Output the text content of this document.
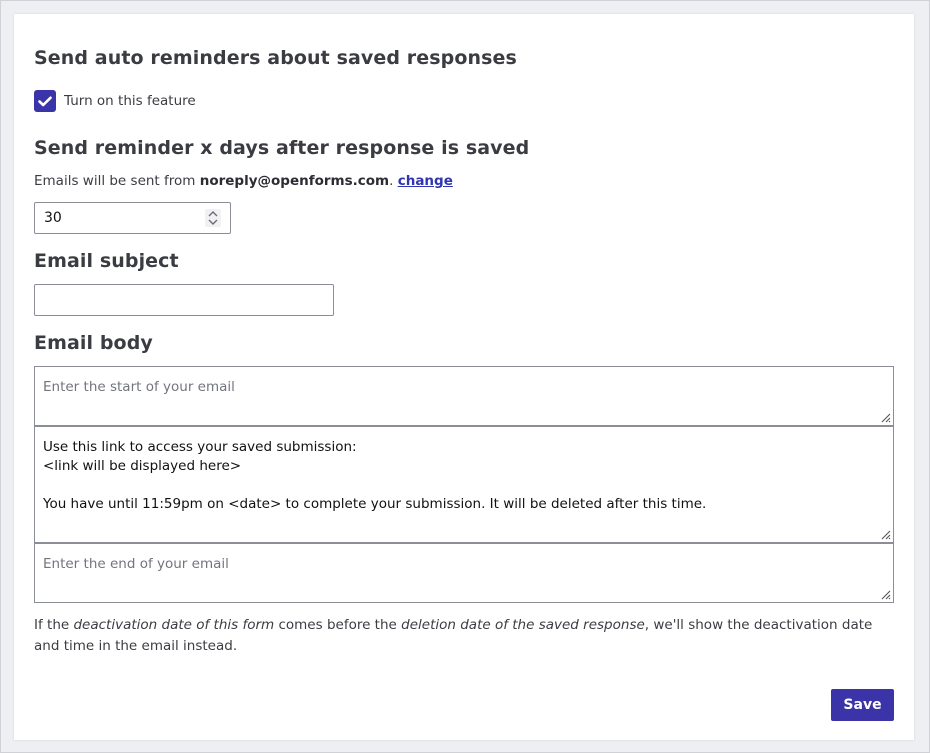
Send auto reminders about saved responses
Turn on this feature
Send reminder x days after response is saved
Emails will be sent from noreply@openforms.com. change
30
Email subject
Email body
Enter the start of your email
Use this link to access your saved submission:
<link will be displayed here>

You have until 11:59pm on <date> to complete your submission. It will be deleted after this time.
Enter the end of your email
If the deactivation date of this form comes before the deletion date of the saved response, we'll show the deactivation date and time in the email instead.
Save
